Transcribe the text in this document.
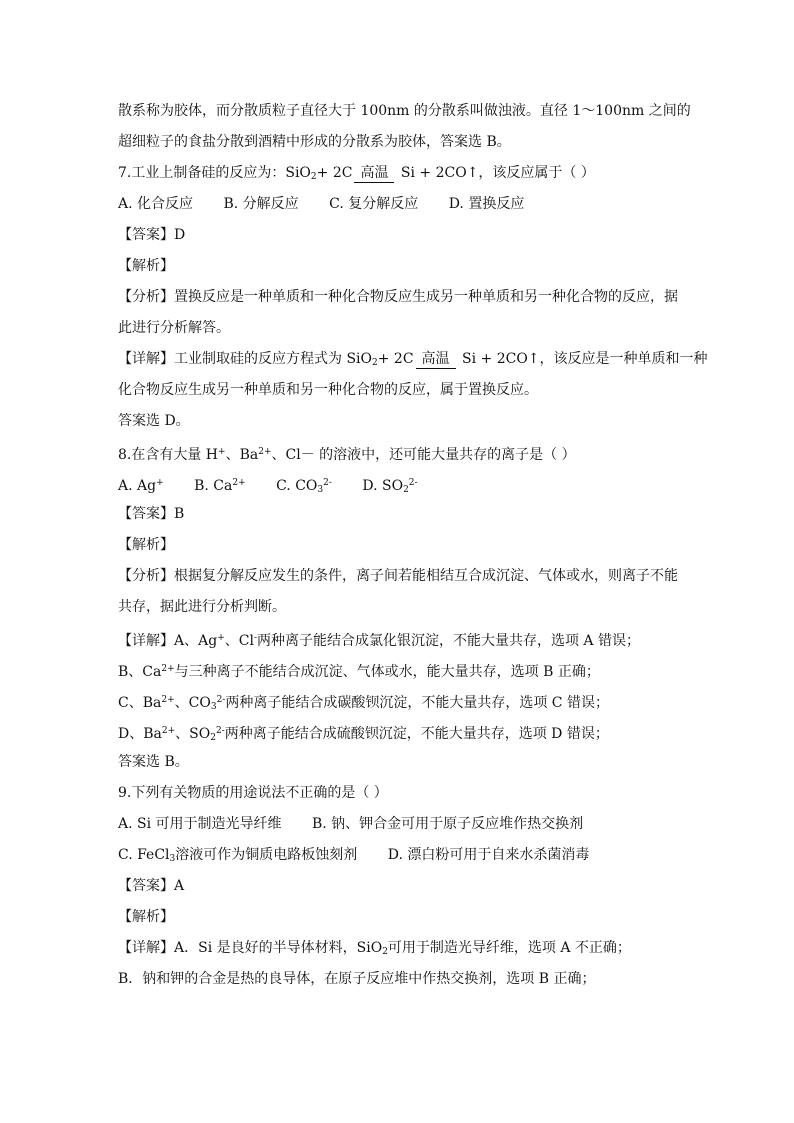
散系称为胶体，而分散质粒子直径大于 100nm 的分散系叫做浊液。直径 1～100nm 之间的
超细粒子的食盐分散到酒精中形成的分散系为胶体，答案选 B。
7.工业上制备硅的反应为：SiO$_2$+ 2C 高温 Si + 2CO↑，该反应属于（ ）
A. 化合反应 B. 分解反应 C. 复分解反应 D. 置换反应
【答案】D
【解析】
【分析】置换反应是一种单质和一种化合物反应生成另一种单质和另一种化合物的反应，据
此进行分析解答。
【详解】工业制取硅的反应方程式为 SiO$_2$+ 2C 高温 Si + 2CO↑，该反应是一种单质和一种
化合物反应生成另一种单质和另一种化合物的反应，属于置换反应。
答案选 D。
8.在含有大量 H+、$Ba^{2+}$、Cl－ 的溶液中，还可能大量共存的离子是（ ）
A. Ag+ B. $Ca^{2+}$ C. $CO_3^{2-}$ D. $SO_2^{2-}$
【答案】B
【解析】
【分析】根据复分解反应发生的条件，离子间若能相结互合成沉淀、气体或水，则离子不能
共存，据此进行分析判断。
【详解】A、Ag+、Cl-两种离子能结合成氯化银沉淀，不能大量共存，选项 A 错误；
B、$Ca^{2+}$与三种离子不能结合成沉淀、气体或水，能大量共存，选项 B 正确；
C、$Ba^{2+}$、$CO_3^{2-}$两种离子能结合成碳酸钡沉淀，不能大量共存，选项 C 错误；
D、$Ba^{2+}$、$SO_2^{2-}$两种离子能结合成硫酸钡沉淀，不能大量共存，选项 D 错误；
答案选 B。
9.下列有关物质的用途说法不正确的是（ ）
A. Si 可用于制造光导纤维 B. 钠、钾合金可用于原子反应堆作热交换剂
C. FeCl$_3$溶液可作为铜质电路板蚀刻剂 D. 漂白粉可用于自来水杀菌消毒
【答案】A
【解析】
【详解】A．Si 是良好的半导体材料，SiO$_2$可用于制造光导纤维，选项 A 不正确；
B．钠和钾的合金是热的良导体，在原子反应堆中作热交换剂，选项 B 正确；
